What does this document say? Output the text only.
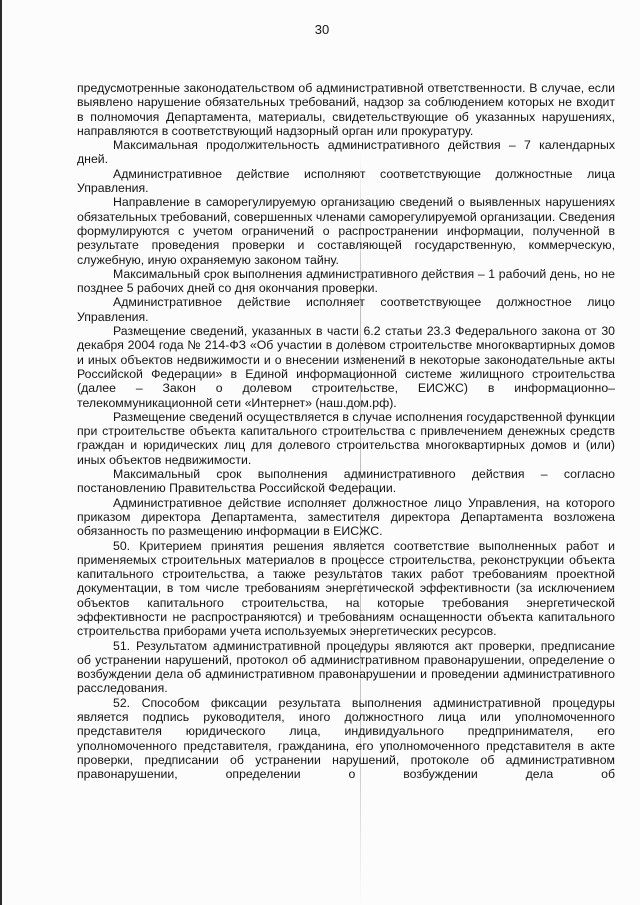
30

предусмотренные законодательством об административной ответственности. В случае, если выявлено нарушение обязательных требований, надзор за соблюдением которых не входит в полномочия Департамента, материалы, свидетельствующие об указанных нарушениях, направляются в соответствующий надзорный орган или прокуратуру.

Максимальная продолжительность административного действия – 7 календарных дней.

Административное действие исполняют соответствующие должностные лица Управления.

Направление в саморегулируемую организацию сведений о выявленных нарушениях обязательных требований, совершенных членами саморегулируемой организации. Сведения формулируются с учетом ограничений о распространении информации, полученной в результате проведения проверки и составляющей государственную, коммерческую, служебную, иную охраняемую законом тайну.

Максимальный срок выполнения административного действия – 1 рабочий день, но не позднее 5 рабочих дней со дня окончания проверки.

Административное действие исполняет соответствующее должностное лицо Управления.

Размещение сведений, указанных в части 6.2 статьи 23.3 Федерального закона от 30 декабря 2004 года № 214-ФЗ «Об участии в долевом строительстве многоквартирных домов и иных объектов недвижимости и о внесении изменений в некоторые законодательные акты Российской Федерации» в Единой информационной системе жилищного строительства (далее – Закон о долевом строительстве, ЕИСЖС) в информационно–телекоммуникационной сети «Интернет» (наш.дом.рф).

Размещение сведений осуществляется в случае исполнения государственной функции при строительстве объекта капитального строительства с привлечением денежных средств граждан и юридических лиц для долевого строительства многоквартирных домов и (или) иных объектов недвижимости.

Максимальный срок выполнения административного действия – согласно постановлению Правительства Российской Федерации.

Административное действие исполняет должностное лицо Управления, на которого приказом директора Департамента, заместителя директора Департамента возложена обязанность по размещению информации в ЕИСЖС.

50. Критерием принятия решения является соответствие выполненных работ и применяемых строительных материалов в процессе строительства, реконструкции объекта капитального строительства, а также результатов таких работ требованиям проектной документации, в том числе требованиям энергетической эффективности (за исключением объектов капитального строительства, на которые требования энергетической эффективности не распространяются) и требованиям оснащенности объекта капитального строительства приборами учета используемых энергетических ресурсов.

51. Результатом административной процедуры являются акт проверки, предписание об устранении нарушений, протокол об административном правонарушении, определение о возбуждении дела об административном правонарушении и проведении административного расследования.

52. Способом фиксации результата выполнения административной процедуры является подпись руководителя, иного должностного лица или уполномоченного представителя юридического лица, индивидуального предпринимателя, его уполномоченного представителя, гражданина, его уполномоченного представителя в акте проверки, предписании об устранении нарушений, протоколе об административном правонарушении, определении о возбуждении дела об
